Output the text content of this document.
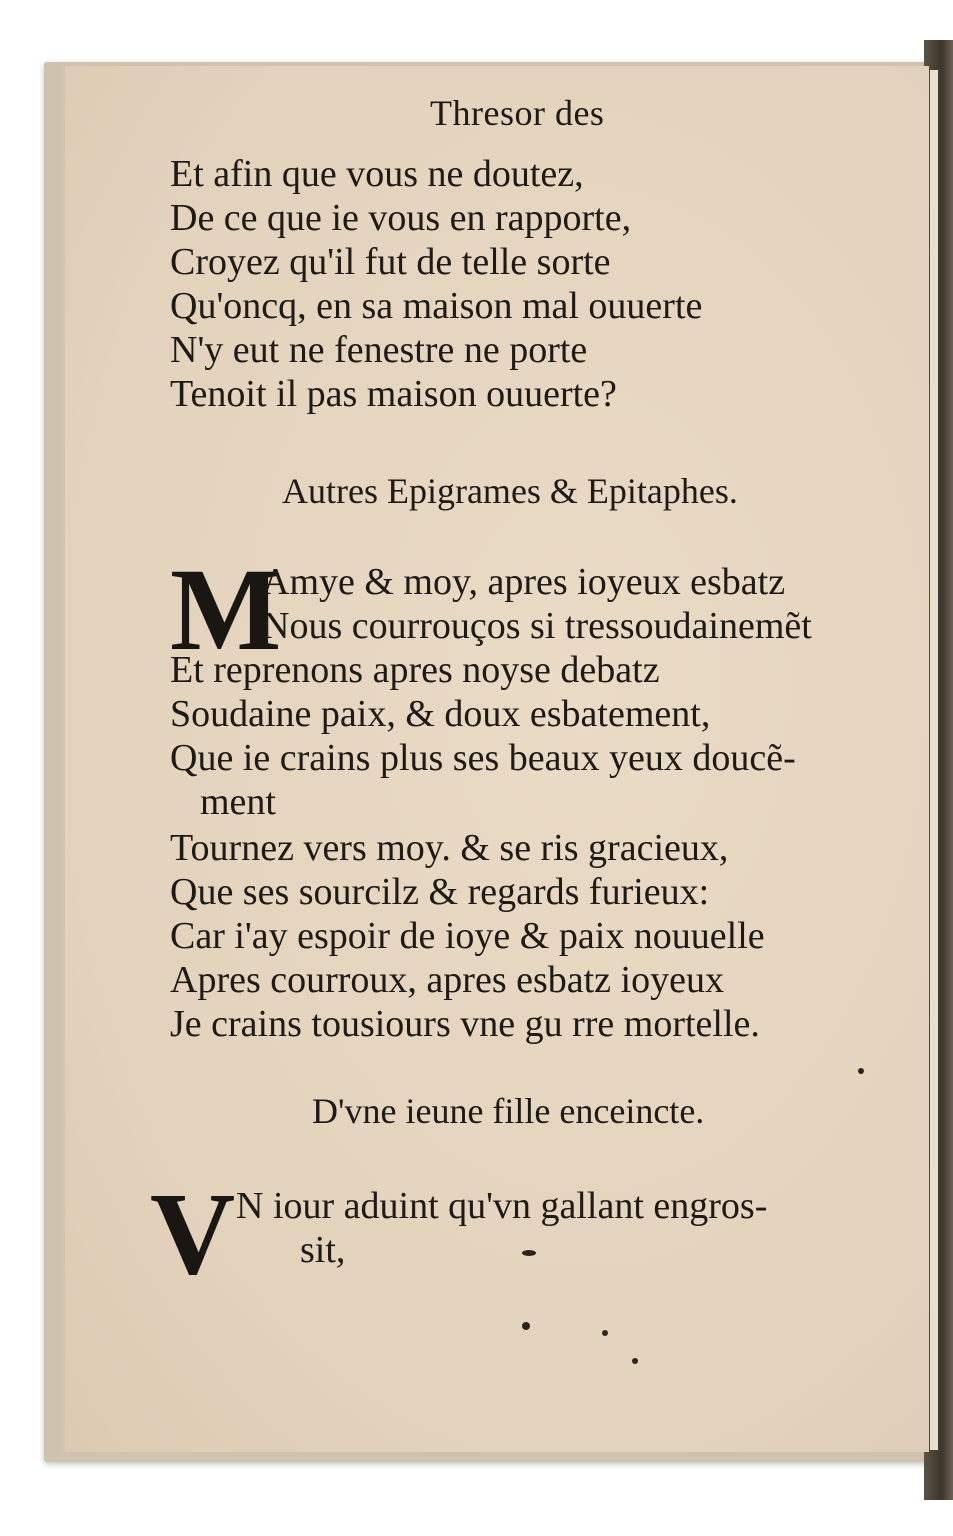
Thresor des
Et afin que vous ne doutez,
De ce que ie vous en rapporte,
Croyez qu'il fut de telle sorte
Qu'oncq, en sa maison mal ouuerte
N'y eut ne fenestre ne porte
Tenoit il pas maison ouuerte?
Autres Epigrames & Epitaphes.
M
Amye & moy, apres ioyeux esbatz
Nous courrouços si tressoudainemẽt
Et reprenons apres noyse debatz
Soudaine paix, & doux esbatement,
Que ie crains plus ses beaux yeux doucẽ-
ment
Tournez vers moy. & se ris gracieux,
Que ses sourcilz & regards furieux:
Car i'ay espoir de ioye & paix nouuelle
Apres courroux, apres esbatz ioyeux
Je crains tousiours vne gu rre mortelle.
D'vne ieune fille enceincte.
V N iour aduint qu'vn gallant engros-
sit,
